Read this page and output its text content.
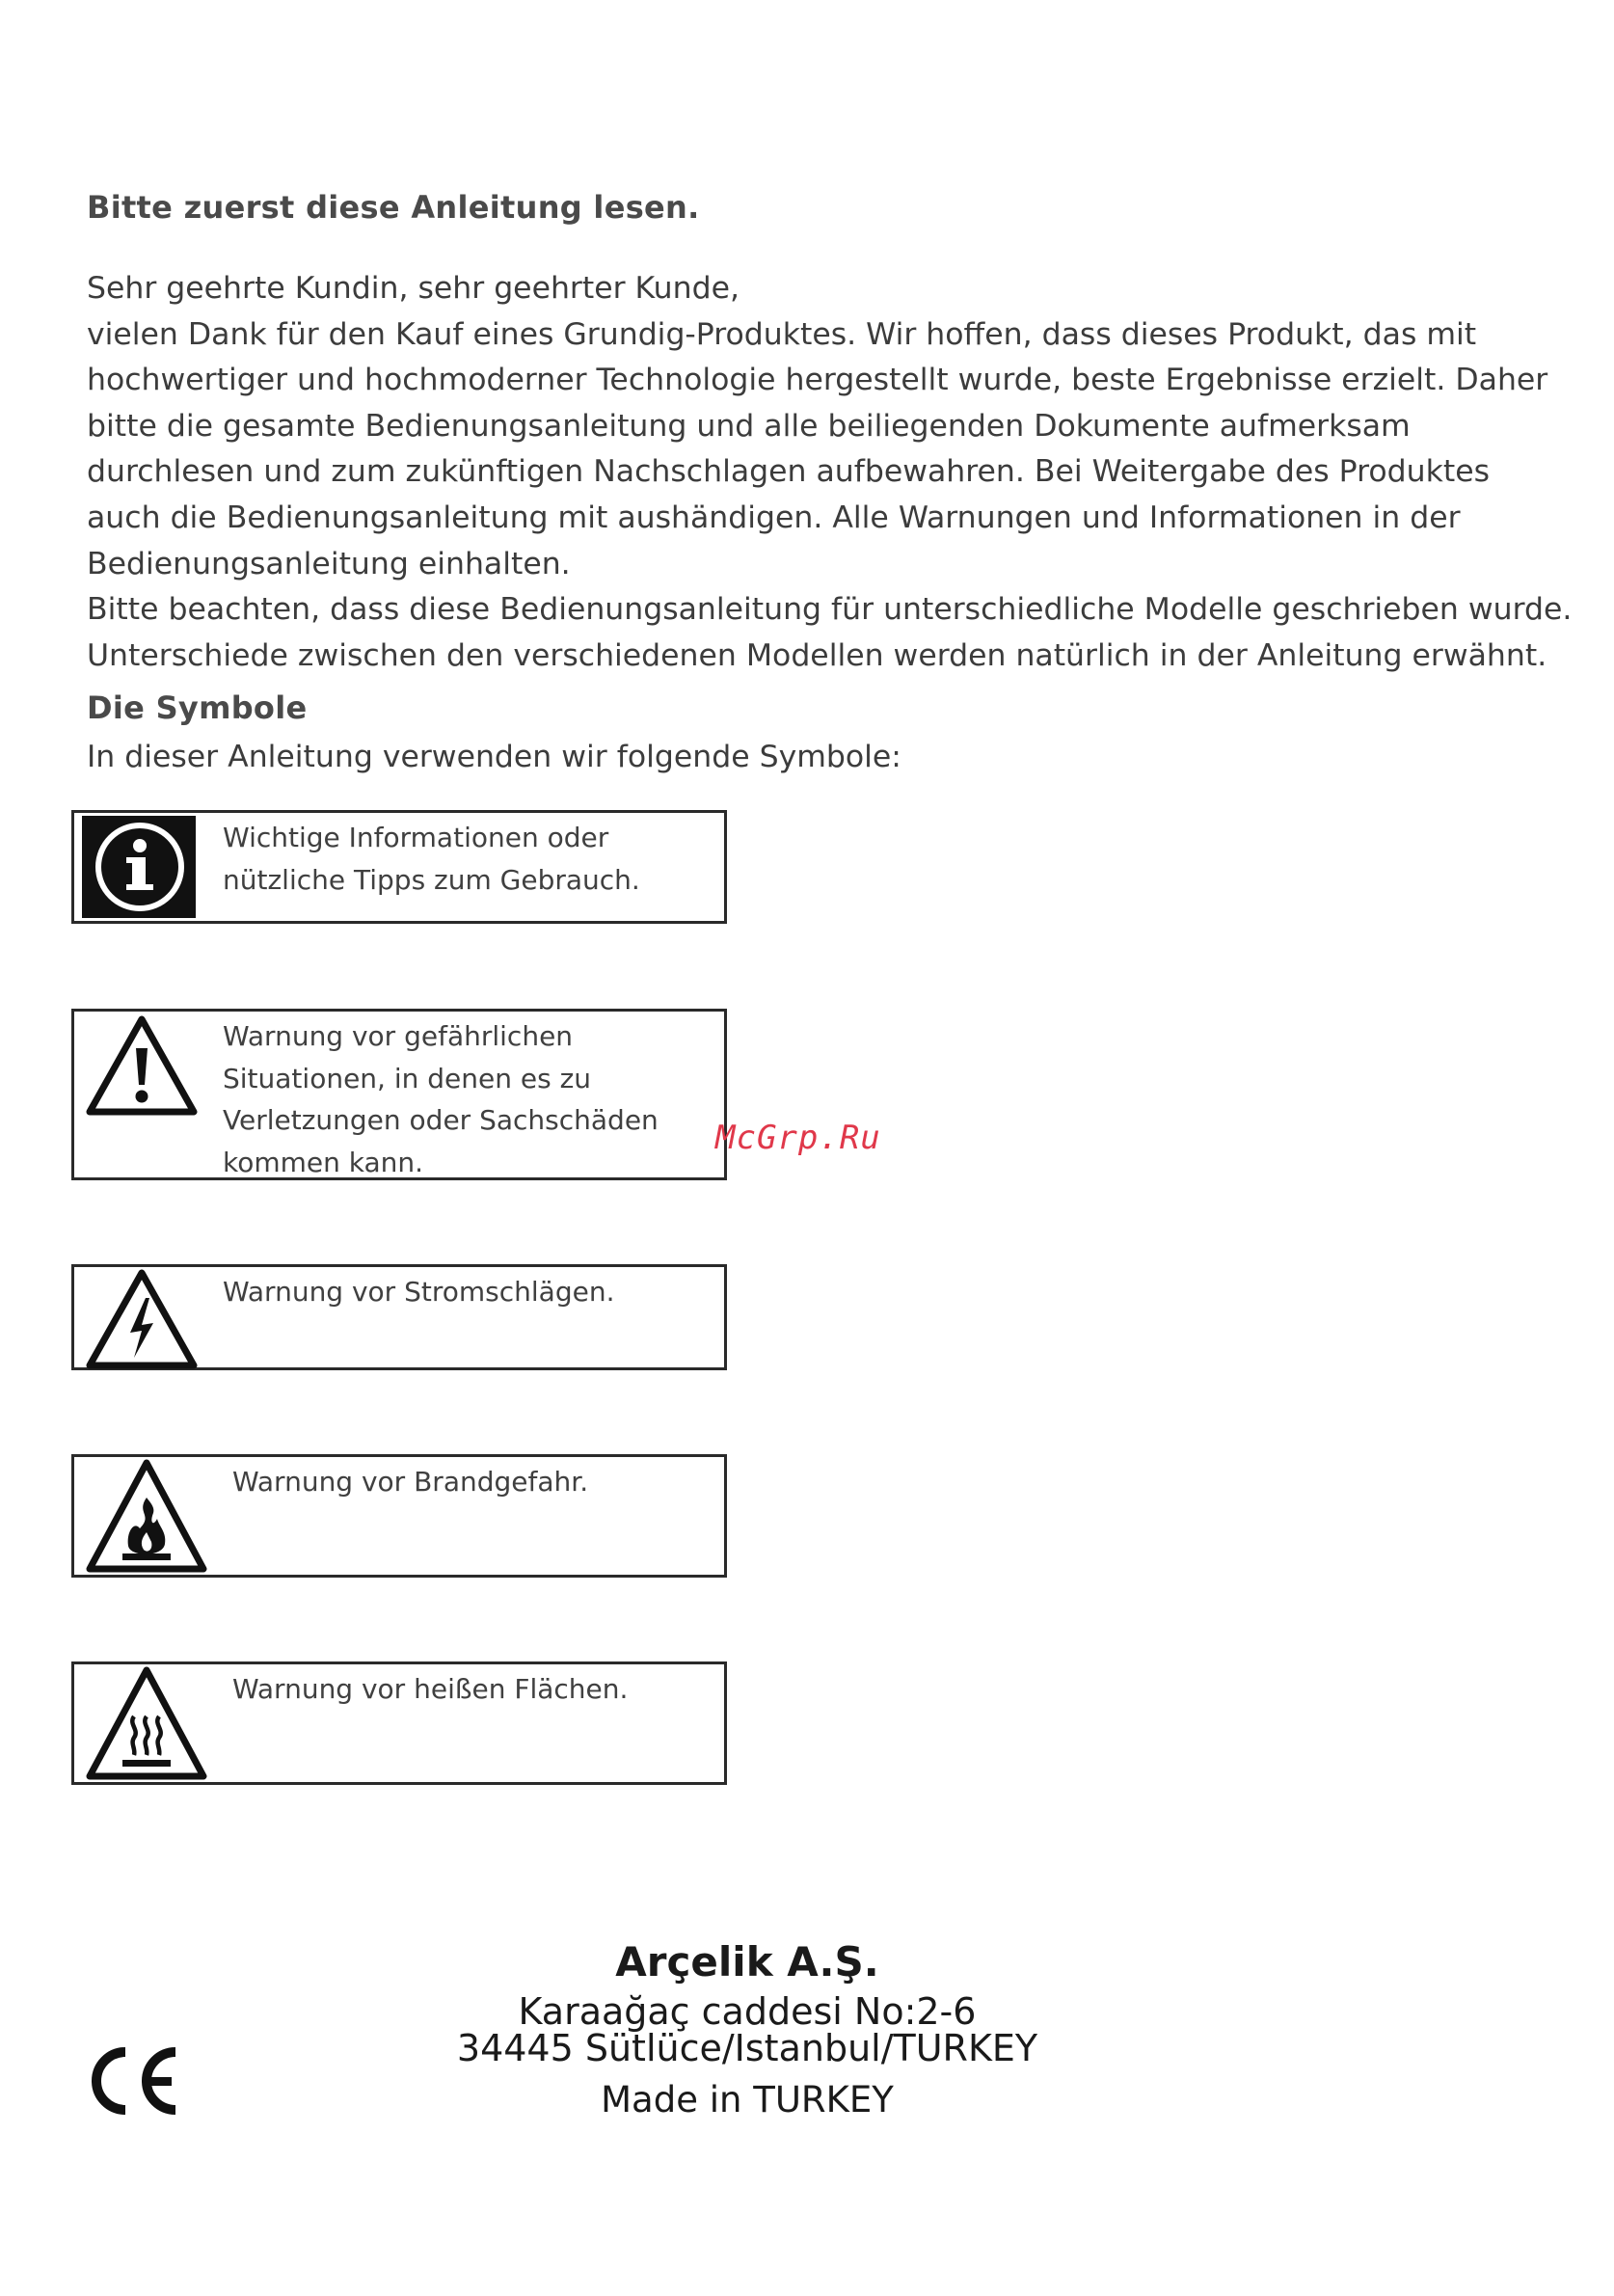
Bitte zuerst diese Anleitung lesen.
Sehr geehrte Kundin, sehr geehrter Kunde,
vielen Dank für den Kauf eines Grundig-Produktes. Wir hoffen, dass dieses Produkt, das mit
hochwertiger und hochmoderner Technologie hergestellt wurde, beste Ergebnisse erzielt. Daher
bitte die gesamte Bedienungsanleitung und alle beiliegenden Dokumente aufmerksam
durchlesen und zum zukünftigen Nachschlagen aufbewahren. Bei Weitergabe des Produktes
auch die Bedienungsanleitung mit aushändigen. Alle Warnungen und Informationen in der
Bedienungsanleitung einhalten.
Bitte beachten, dass diese Bedienungsanleitung für unterschiedliche Modelle geschrieben wurde.
Unterschiede zwischen den verschiedenen Modellen werden natürlich in der Anleitung erwähnt.
Die Symbole
In dieser Anleitung verwenden wir folgende Symbole:
Wichtige Informationen oder
nützliche Tipps zum Gebrauch.
Warnung vor gefährlichen
Situationen, in denen es zu
Verletzungen oder Sachschäden
kommen kann.
Warnung vor Stromschlägen.
Warnung vor Brandgefahr.
Warnung vor heißen Flächen.
McGrp.Ru
Arçelik A.Ş.
Karaağaç caddesi No:2-6
34445 Sütlüce/Istanbul/TURKEY
Made in TURKEY
